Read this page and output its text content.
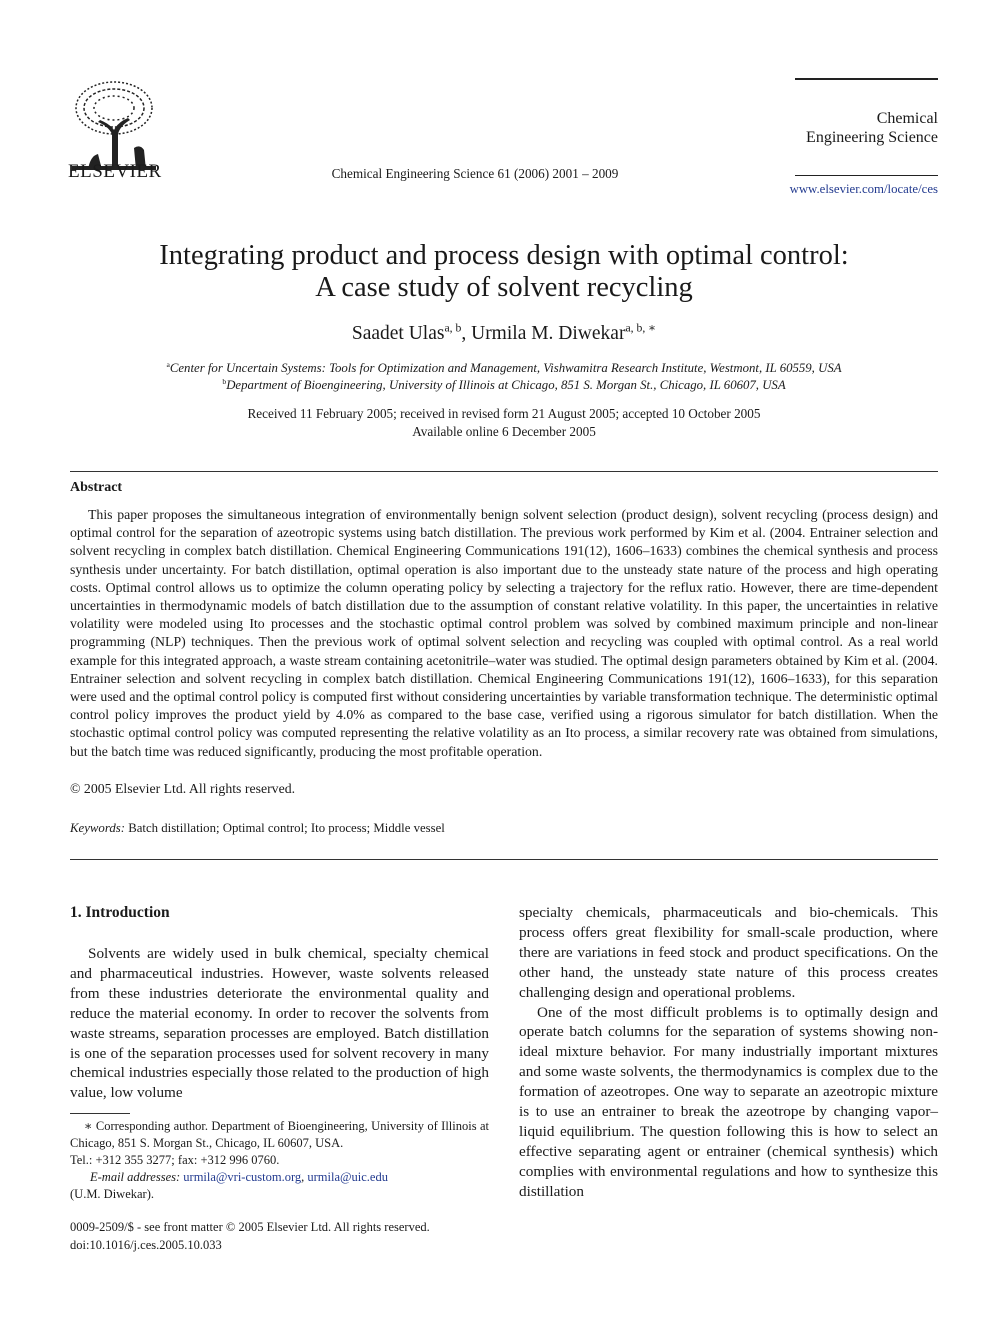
ELSEVIER	Chemical Engineering Science 61 (2006) 2001 – 2009
Chemical
Engineering Science
www.elsevier.com/locate/ces
Integrating product and process design with optimal control:
A case study of solvent recycling
Saadet Ulas$^{a, b}$, Urmila M. Diwekar$^{a, b, ∗}$
$^a$Center for Uncertain Systems: Tools for Optimization and Management, Vishwamitra Research Institute, Westmont, IL 60559, USA
$^b$Department of Bioengineering, University of Illinois at Chicago, 851 S. Morgan St., Chicago, IL 60607, USA
Received 11 February 2005; received in revised form 21 August 2005; accepted 10 October 2005
Available online 6 December 2005
Abstract
This paper proposes the simultaneous integration of environmentally benign solvent selection (product design), solvent recycling (process design) and optimal control for the separation of azeotropic systems using batch distillation. The previous work performed by Kim et al. (2004. Entrainer selection and solvent recycling in complex batch distillation. Chemical Engineering Communications 191(12), 1606–1633) combines the chemical synthesis and process synthesis under uncertainty. For batch distillation, optimal operation is also important due to the unsteady state nature of the process and high operating costs. Optimal control allows us to optimize the column operating policy by selecting a trajectory for the reflux ratio. However, there are time-dependent uncertainties in thermodynamic models of batch distillation due to the assumption of constant relative volatility. In this paper, the uncertainties in relative volatility were modeled using Ito processes and the stochastic optimal control problem was solved by combined maximum principle and non-linear programming (NLP) techniques. Then the previous work of optimal solvent selection and recycling was coupled with optimal control. As a real world example for this integrated approach, a waste stream containing acetonitrile–water was studied. The optimal design parameters obtained by Kim et al. (2004. Entrainer selection and solvent recycling in complex batch distillation. Chemical Engineering Communications 191(12), 1606–1633), for this separation were used and the optimal control policy is computed first without considering uncertainties by variable transformation technique. The deterministic optimal control policy improves the product yield by 4.0% as compared to the base case, verified using a rigorous simulator for batch distillation. When the stochastic optimal control policy was computed representing the relative volatility as an Ito process, a similar recovery rate was obtained from simulations, but the batch time was reduced significantly, producing the most profitable operation.
© 2005 Elsevier Ltd. All rights reserved.
Keywords: Batch distillation; Optimal control; Ito process; Middle vessel
1. Introduction

Solvents are widely used in bulk chemical, specialty chemical and pharmaceutical industries. However, waste solvents released from these industries deteriorate the environmental quality and reduce the material economy. In order to recover the solvents from waste streams, separation processes are employed. Batch distillation is one of the separation processes used for solvent recovery in many chemical industries especially those related to the production of high value, low volume

specialty chemicals, pharmaceuticals and bio-chemicals. This process offers great flexibility for small-scale production, where there are variations in feed stock and product specifications. On the other hand, the unsteady state nature of this process creates challenging design and operational problems.

One of the most difficult problems is to optimally design and operate batch columns for the separation of systems showing non-ideal mixture behavior. For many industrially important mixtures and some waste solvents, the thermodynamics is complex due to the formation of azeotropes. One way to separate an azeotropic mixture is to use an entrainer to break the azeotrope by changing vapor–liquid equilibrium. The question following this is how to select an effective separating agent or entrainer (chemical synthesis) which complies with environmental regulations and how to synthesize this distillation

∗ Corresponding author. Department of Bioengineering, University of Illinois at Chicago, 851 S. Morgan St., Chicago, IL 60607, USA.
Tel.: +312 355 3277; fax: +312 996 0760.
E-mail addresses: urmila@vri-custom.org, urmila@uic.edu
(U.M. Diwekar).
0009-2509/$ - see front matter © 2005 Elsevier Ltd. All rights reserved.
doi:10.1016/j.ces.2005.10.033
